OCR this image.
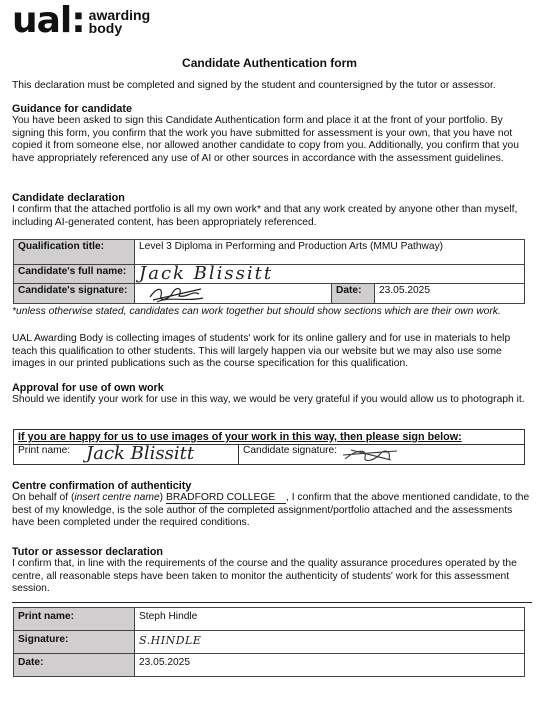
ual: awarding
body
Candidate Authentication form
This declaration must be completed and signed by the student and countersigned by the tutor or assessor.
Guidance for candidate
You have been asked to sign this Candidate Authentication form and place it at the front of your portfolio. By signing this form, you confirm that the work you have submitted for assessment is your own, that you have not copied it from someone else, nor allowed another candidate to copy from you. Additionally, you confirm that you have appropriately referenced any use of AI or other sources in accordance with the assessment guidelines.
Candidate declaration
I confirm that the attached portfolio is all my own work* and that any work created by anyone other than myself, including AI-generated content, has been appropriately referenced.
Qualification title:	Level 3 Diploma in Performing and Production Arts (MMU Pathway)		
Candidate's full name:	Jack Blissitt		
Candidate's signature:		Date:	23.05.2025
*unless otherwise stated, candidates can work together but should show sections which are their own work.
UAL Awarding Body is collecting images of students' work for its online gallery and for use in materials to help teach this qualification to other students. This will largely happen via our website but we may also use some images in our printed publications such as the course specification for this qualification.
Approval for use of own work
Should we identify your work for use in this way, we would be very grateful if you would allow us to photograph it.
If you are happy for us to use images of your work in this way, then please sign below:
Print name: Jack Blissitt	Candidate signature:
Centre confirmation of authenticity
On behalf of (insert centre name) BRADFORD COLLEGE , I confirm that the above mentioned candidate, to the best of my knowledge, is the sole author of the completed assignment/portfolio attached and the assessments have been completed under the required conditions.
Tutor or assessor declaration
I confirm that, in line with the requirements of the course and the quality assurance procedures operated by the centre, all reasonable steps have been taken to monitor the authenticity of students' work for this assessment session.
Print name:	Steph Hindle
Signature:	S.HINDLE
Date:	23.05.2025
